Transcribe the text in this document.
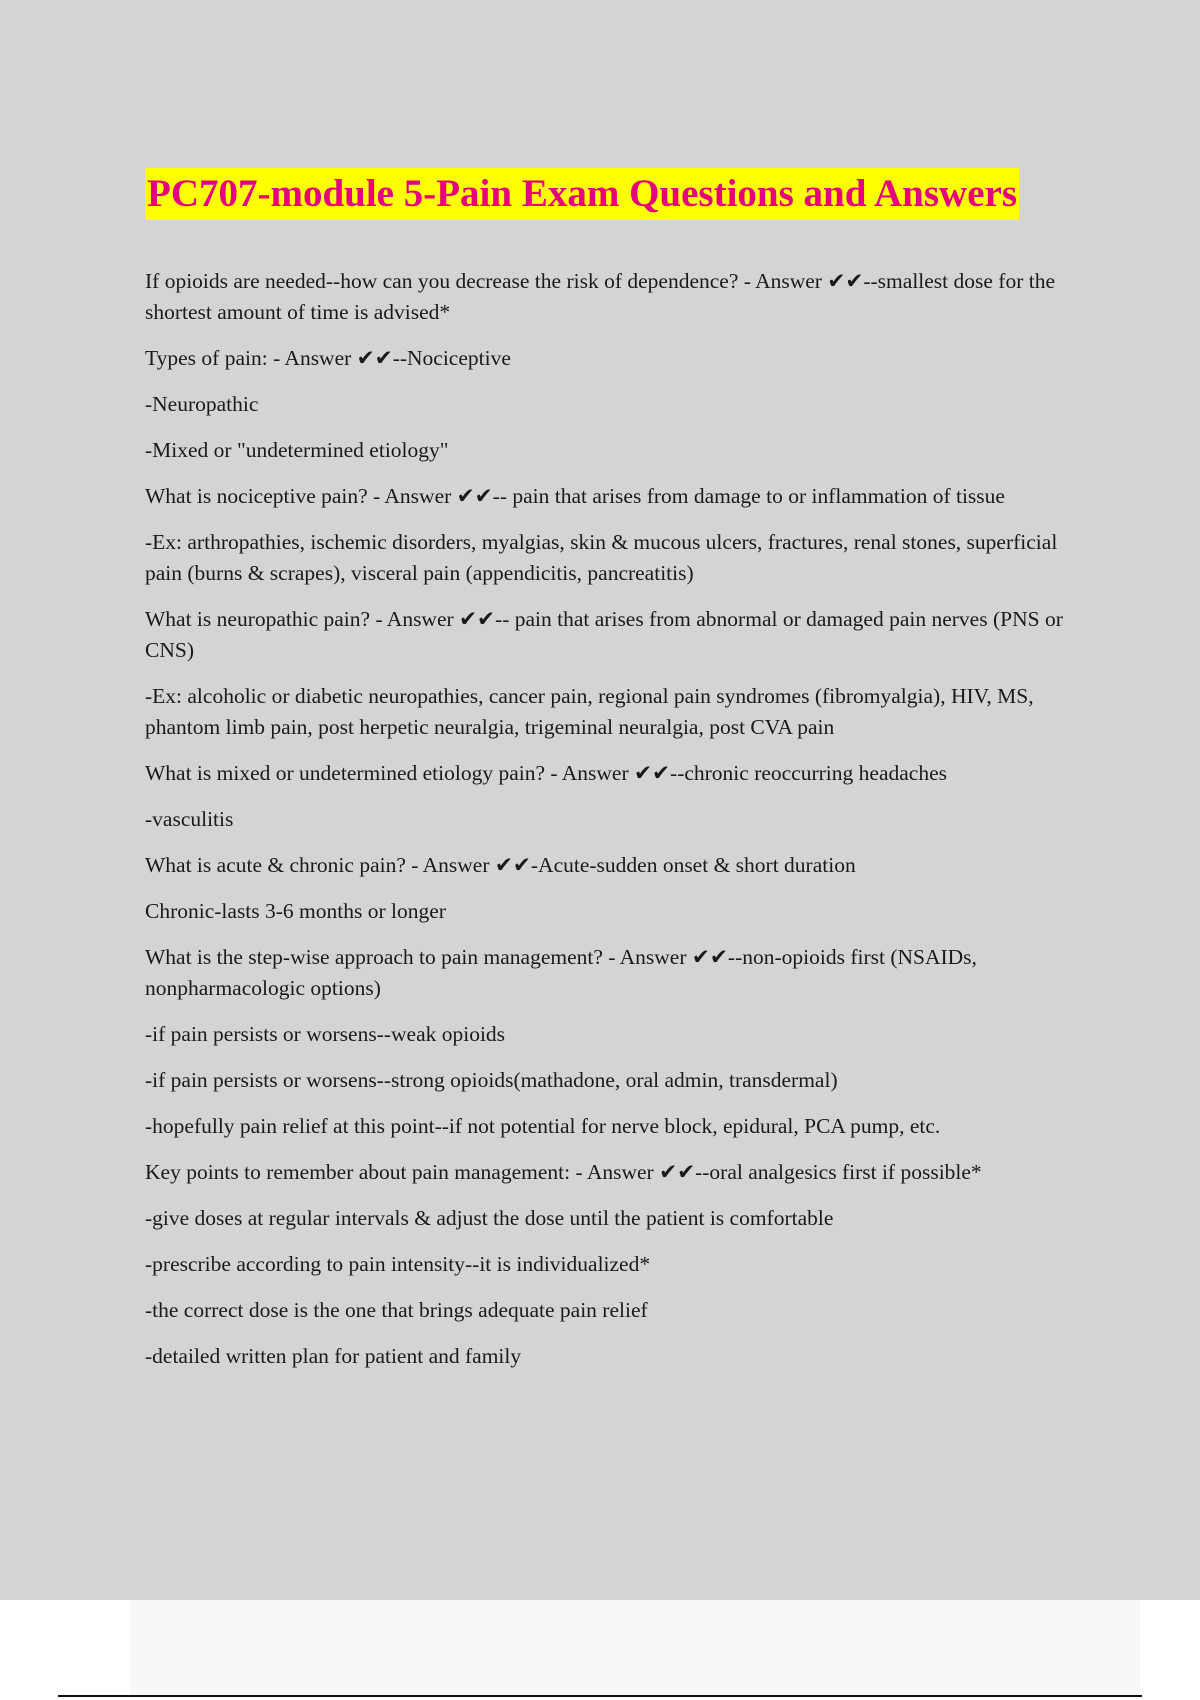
PC707-module 5-Pain Exam Questions and Answers

If opioids are needed--how can you decrease the risk of dependence? - Answer ✔✔--smallest dose for the shortest amount of time is advised*

Types of pain: - Answer ✔✔--Nociceptive

-Neuropathic

-Mixed or "undetermined etiology"

What is nociceptive pain? - Answer ✔✔-- pain that arises from damage to or inflammation of tissue

-Ex: arthropathies, ischemic disorders, myalgias, skin & mucous ulcers, fractures, renal stones, superficial pain (burns & scrapes), visceral pain (appendicitis, pancreatitis)

What is neuropathic pain? - Answer ✔✔-- pain that arises from abnormal or damaged pain nerves (PNS or CNS)

-Ex: alcoholic or diabetic neuropathies, cancer pain, regional pain syndromes (fibromyalgia), HIV, MS, phantom limb pain, post herpetic neuralgia, trigeminal neuralgia, post CVA pain

What is mixed or undetermined etiology pain? - Answer ✔✔--chronic reoccurring headaches

-vasculitis

What is acute & chronic pain? - Answer ✔✔-Acute-sudden onset & short duration

Chronic-lasts 3-6 months or longer

What is the step-wise approach to pain management? - Answer ✔✔--non-opioids first (NSAIDs, nonpharmacologic options)

-if pain persists or worsens--weak opioids

-if pain persists or worsens--strong opioids(mathadone, oral admin, transdermal)

-hopefully pain relief at this point--if not potential for nerve block, epidural, PCA pump, etc.

Key points to remember about pain management: - Answer ✔✔--oral analgesics first if possible*

-give doses at regular intervals & adjust the dose until the patient is comfortable

-prescribe according to pain intensity--it is individualized*

-the correct dose is the one that brings adequate pain relief

-detailed written plan for patient and family
